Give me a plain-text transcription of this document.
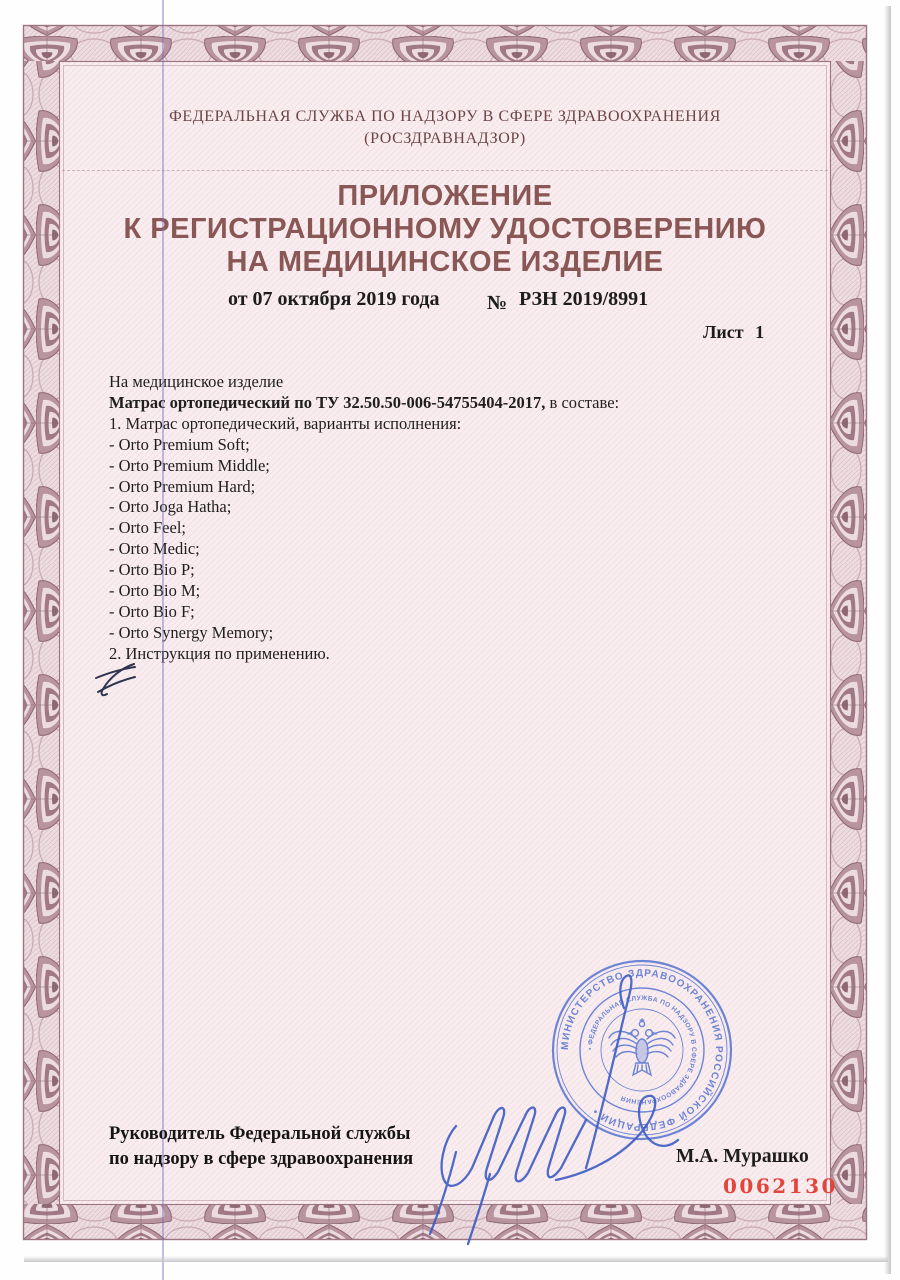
ФЕДЕРАЛЬНАЯ СЛУЖБА ПО НАДЗОРУ В СФЕРЕ ЗДРАВООХРАНЕНИЯ
(РОСЗДРАВНАДЗОР)
ПРИЛОЖЕНИЕ
К РЕГИСТРАЦИОННОМУ УДОСТОВЕРЕНИЮ
НА МЕДИЦИНСКОЕ ИЗДЕЛИЕ
от 07 октября 2019 года № РЗН 2019/8991
Лист 1
На медицинское изделие
Матрас ортопедический по ТУ 32.50.50-006-54755404-2017, в составе:
1. Матрас ортопедический, варианты исполнения:
- Orto Premium Soft;
- Orto Premium Middle;
- Orto Premium Hard;
- Orto Joga Hatha;
- Orto Feel;
- Orto Medic;
- Orto Bio P;
- Orto Bio M;
- Orto Bio F;
- Orto Synergy Memory;
2. Инструкция по применению.
Руководитель Федеральной службы
по надзору в сфере здравоохранения	М.А. Мурашко
0062130
МИНИСТЕРСТВО ЗДРАВООХРАНЕНИЯ РОССИЙСКОЙ ФЕДЕРАЦИИ •
• ФЕДЕРАЛЬНАЯ СЛУЖБА ПО НАДЗОРУ В СФЕРЕ ЗДРАВООХРАНЕНИЯ
